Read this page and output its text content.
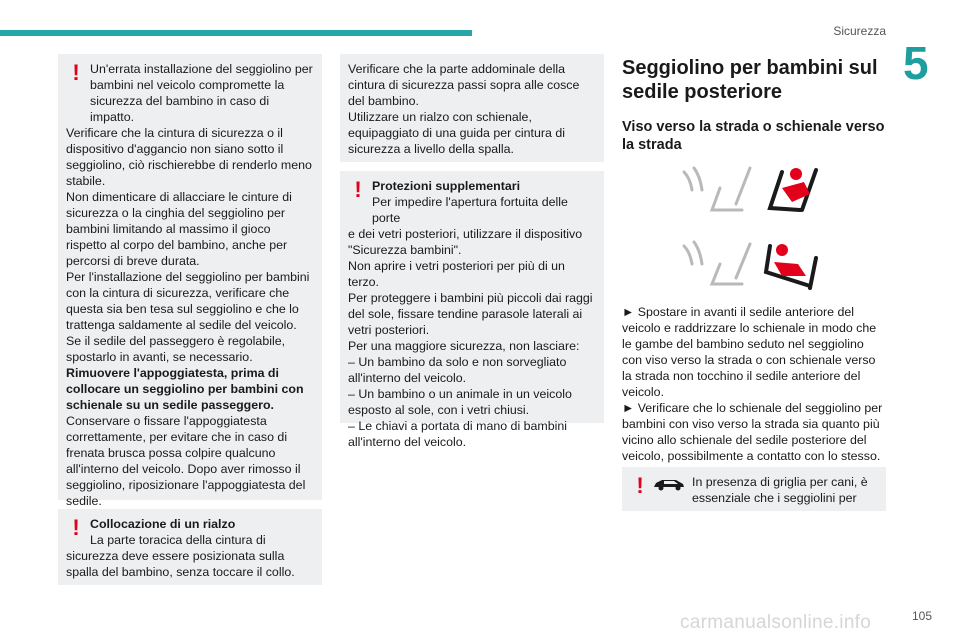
Sicurezza
5
! Un'errata installazione del seggiolino per bambini nel veicolo compromette la sicurezza del bambino in caso di impatto.

Verificare che la cintura di sicurezza o il dispositivo d'aggancio non siano sotto il seggiolino, ciò rischierebbe di renderlo meno stabile.

Non dimenticare di allacciare le cinture di sicurezza o la cinghia del seggiolino per bambini limitando al massimo il gioco rispetto al corpo del bambino, anche per percorsi di breve durata.

Per l'installazione del seggiolino per bambini con la cintura di sicurezza, verificare che questa sia ben tesa sul seggiolino e che lo trattenga saldamente al sedile del veicolo.

Se il sedile del passeggero è regolabile, spostarlo in avanti, se necessario.

Rimuovere l'appoggiatesta, prima di collocare un seggiolino per bambini con schienale su un sedile passeggero.

Conservare o fissare l'appoggiatesta correttamente, per evitare che in caso di frenata brusca possa colpire qualcuno all'interno del veicolo. Dopo aver rimosso il seggiolino, riposizionare l'appoggiatesta del sedile.

! Collocazione di un rialzo

La parte toracica della cintura di

sicurezza deve essere posizionata sulla spalla del bambino, senza toccare il collo.

Verificare che la parte addominale della cintura di sicurezza passi sopra alle cosce del bambino.

Utilizzare un rialzo con schienale, equipaggiato di una guida per cintura di sicurezza a livello della spalla.

! Protezioni supplementari

Per impedire l'apertura fortuita delle porte

e dei vetri posteriori, utilizzare il dispositivo "Sicurezza bambini".

Non aprire i vetri posteriori per più di un terzo.

Per proteggere i bambini più piccoli dai raggi del sole, fissare tendine parasole laterali ai vetri posteriori.

Per una maggiore sicurezza, non lasciare:

– Un bambino da solo e non sorvegliato all'interno del veicolo.

– Un bambino o un animale in un veicolo esposto al sole, con i vetri chiusi.

– Le chiavi a portata di mano di bambini all'interno del veicolo.

Seggiolino per bambini sul sedile posteriore
Viso verso la strada o schienale verso la strada

► Spostare in avanti il sedile anteriore del veicolo e raddrizzare lo schienale in modo che le gambe del bambino seduto nel seggiolino con viso verso la strada o con schienale verso la strada non tocchino il sedile anteriore del veicolo.

► Verificare che lo schienale del seggiolino per bambini con viso verso la strada sia quanto più vicino allo schienale del sedile posteriore del veicolo, possibilmente a contatto con lo stesso.

!	In presenza di griglia per cani, è essenziale che i seggiolini per

carmanualsonline.info	105
